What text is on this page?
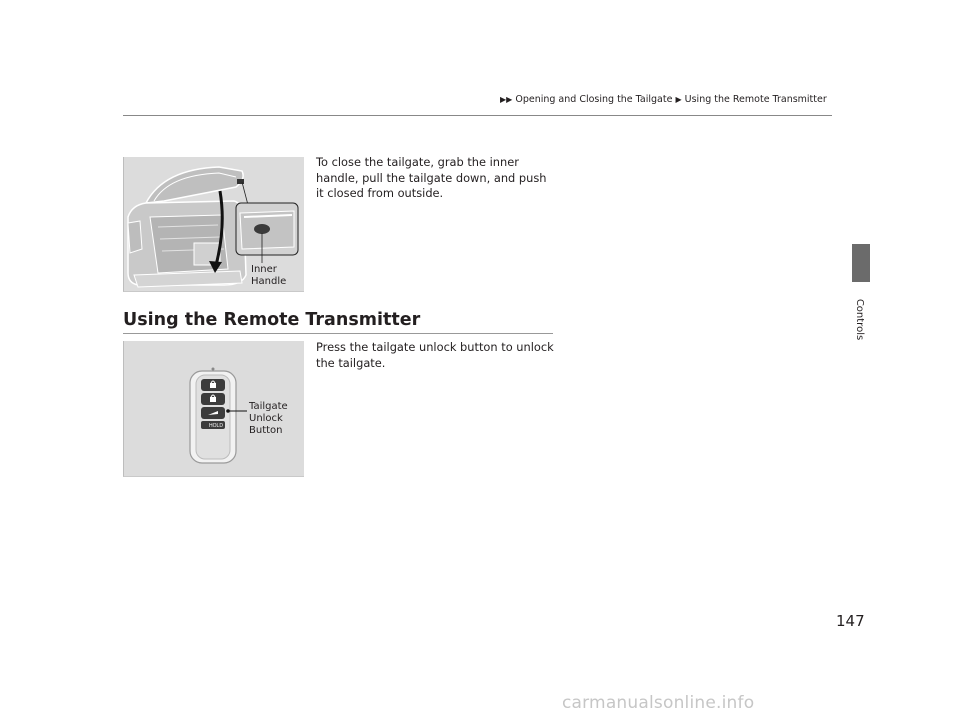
▶▶ Opening and Closing the Tailgate ▶ Using the Remote Transmitter
Inner
Handle
To close the tailgate, grab the inner handle, pull the tailgate down, and push it closed from outside.
Using the Remote Transmitter
HOLD
Tailgate
Unlock
Button
Press the tailgate unlock button to unlock the tailgate.
Controls
147
carmanualsonline.info
